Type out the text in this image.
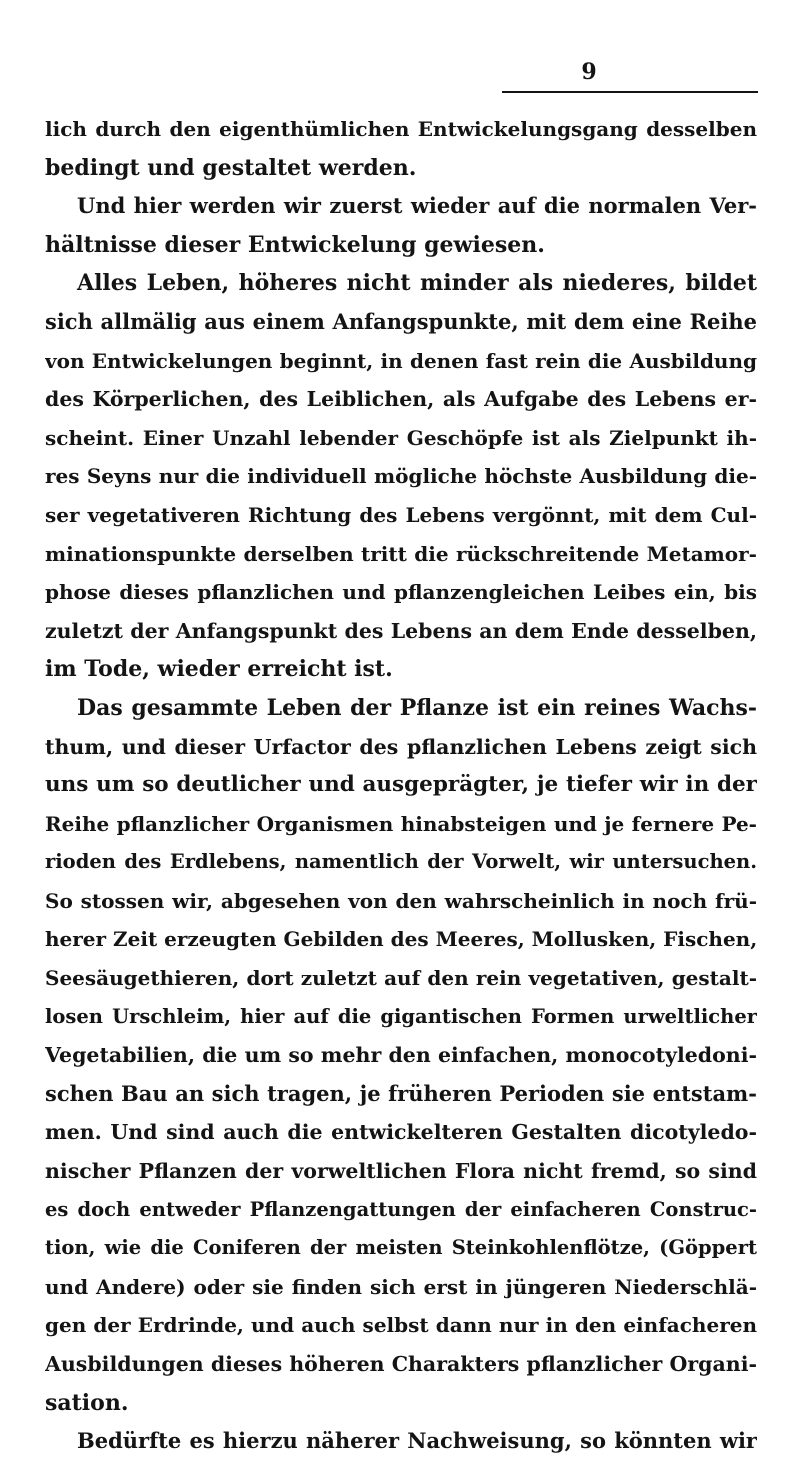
9
lich durch den eigenthümlichen Entwickelungsgang desselben
bedingt und gestaltet werden.
Und hier werden wir zuerst wieder auf die normalen Ver-
hältnisse dieser Entwickelung gewiesen.
Alles Leben, höheres nicht minder als niederes, bildet
sich allmälig aus einem Anfangspunkte, mit dem eine Reihe
von Entwickelungen beginnt, in denen fast rein die Ausbildung
des Körperlichen, des Leiblichen, als Aufgabe des Lebens er-
scheint. Einer Unzahl lebender Geschöpfe ist als Zielpunkt ih-
res Seyns nur die individuell mögliche höchste Ausbildung die-
ser vegetativeren Richtung des Lebens vergönnt, mit dem Cul-
minationspunkte derselben tritt die rückschreitende Metamor-
phose dieses pflanzlichen und pflanzengleichen Leibes ein, bis
zuletzt der Anfangspunkt des Lebens an dem Ende desselben,
im Tode, wieder erreicht ist.
Das gesammte Leben der Pflanze ist ein reines Wachs-
thum, und dieser Urfactor des pflanzlichen Lebens zeigt sich
uns um so deutlicher und ausgeprägter, je tiefer wir in der
Reihe pflanzlicher Organismen hinabsteigen und je fernere Pe-
rioden des Erdlebens, namentlich der Vorwelt, wir untersuchen.
So stossen wir, abgesehen von den wahrscheinlich in noch frü-
herer Zeit erzeugten Gebilden des Meeres, Mollusken, Fischen,
Seesäugethieren, dort zuletzt auf den rein vegetativen, gestalt-
losen Urschleim, hier auf die gigantischen Formen urweltlicher
Vegetabilien, die um so mehr den einfachen, monocotyledoni-
schen Bau an sich tragen, je früheren Perioden sie entstam-
men. Und sind auch die entwickelteren Gestalten dicotyledo-
nischer Pflanzen der vorweltlichen Flora nicht fremd, so sind
es doch entweder Pflanzengattungen der einfacheren Construc-
tion, wie die Coniferen der meisten Steinkohlenflötze, (Göppert
und Andere) oder sie finden sich erst in jüngeren Niederschlä-
gen der Erdrinde, und auch selbst dann nur in den einfacheren
Ausbildungen dieses höheren Charakters pflanzlicher Organi-
sation.
Bedürfte es hierzu näherer Nachweisung, so könnten wir
